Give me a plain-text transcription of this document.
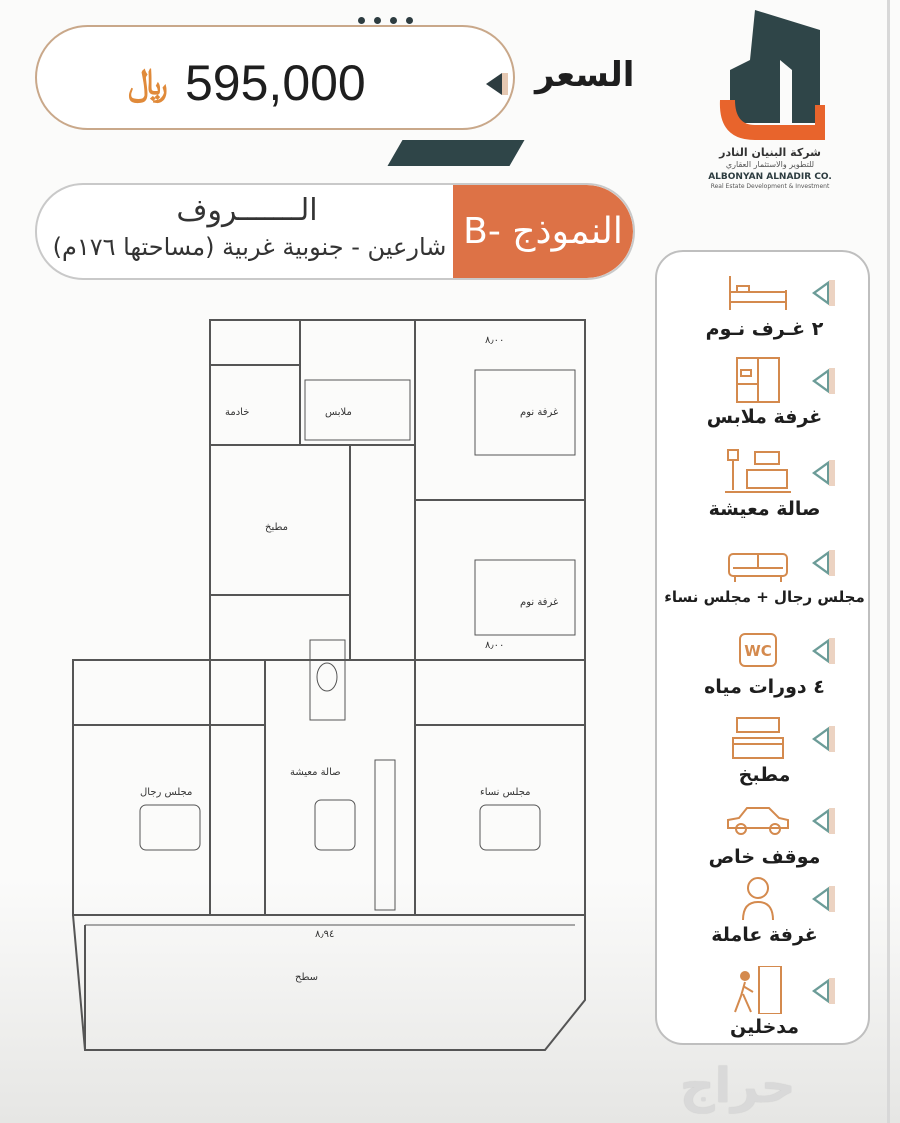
﷼ 595,000	السعر
شركة البنيان النادر
للتطوير والاستثمار العقاري
ALBONYAN ALNADIR CO.
Real Estate Development & Investment
النموذج -B
الـــــــروف
شارعين - جنوبية غربية (مساحتها ١٧٦م)
غرفة نوم
غرفة نوم
مطبخ
خادمة	ملابس
صالة معيشة
مجلس رجال	مجلس نساء
سطح
٨٫٠٠
٨٫٠٠
٨٫٩٤
٢ غـرف نـوم
غرفة ملابس
صالة معيشة
مجلس رجال + مجلس نساء
WC
٤ دورات مياه
مطبخ
موقف خاص
غرفة عاملة
مدخلين
حراج
